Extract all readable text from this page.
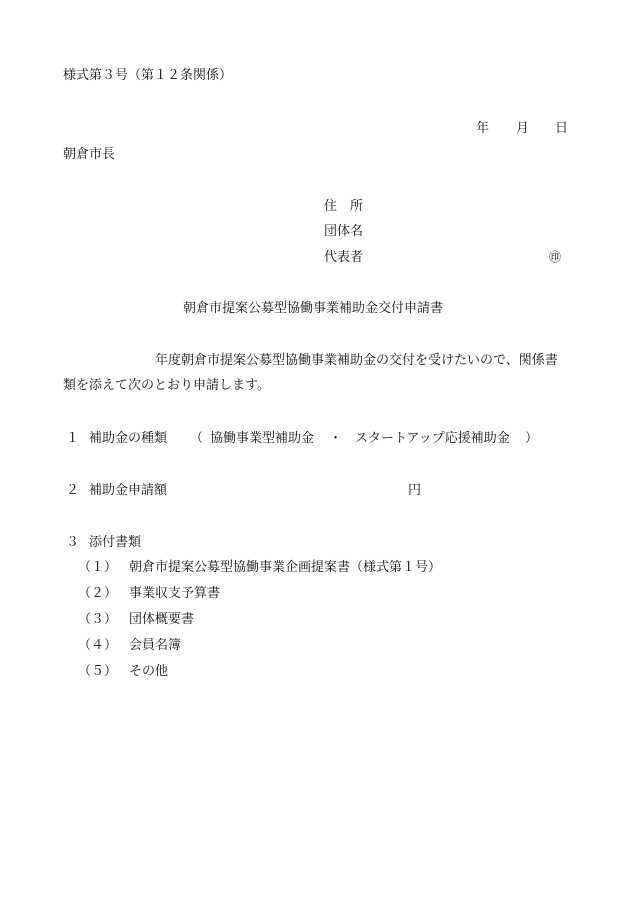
様式第３号（第１２条関係）
年 月 日
朝倉市長
住　所
団体名
代表者	㊞
朝倉市提案公募型協働事業補助金交付申請書
年度朝倉市提案公募型協働事業補助金の交付を受けたいので、関係書
類を添えて次のとおり申請します。
１ 補助金の種類 （ 協働事業型補助金 ・ スタートアップ応援補助金 ）
２ 補助金申請額	円
３ 添付書類
（１） 朝倉市提案公募型協働事業企画提案書（様式第１号）
（２） 事業収支予算書
（３） 団体概要書
（４） 会員名簿
（５） その他
